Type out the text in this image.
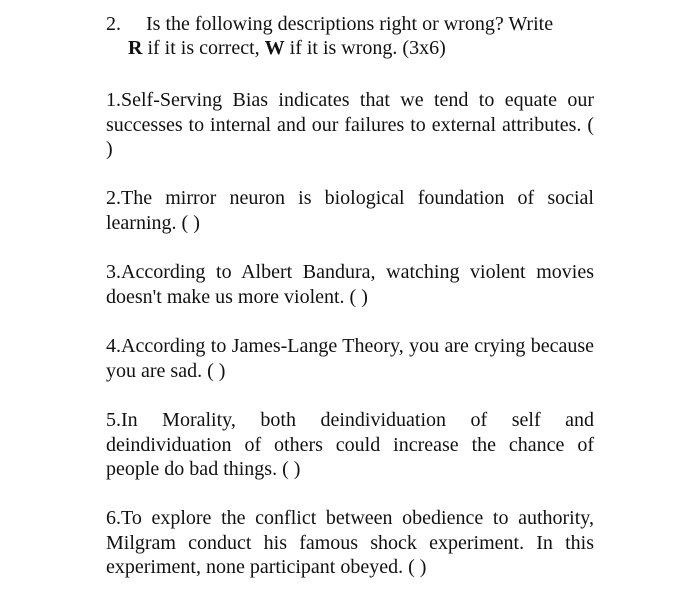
2. Is the following descriptions right or wrong? Write
R if it is correct, W if it is wrong. (3x6)
1.Self-Serving Bias indicates that we tend to equate our successes to internal and our failures to external attributes. ( )
2.The mirror neuron is biological foundation of social learning. ( )
3.According to Albert Bandura, watching violent movies doesn't make us more violent. ( )
4.According to James-Lange Theory, you are crying because you are sad. ( )
5.In Morality, both deindividuation of self and deindividuation of others could increase the chance of people do bad things. ( )
6.To explore the conflict between obedience to authority, Milgram conduct his famous shock experiment. In this experiment, none participant obeyed. ( )
